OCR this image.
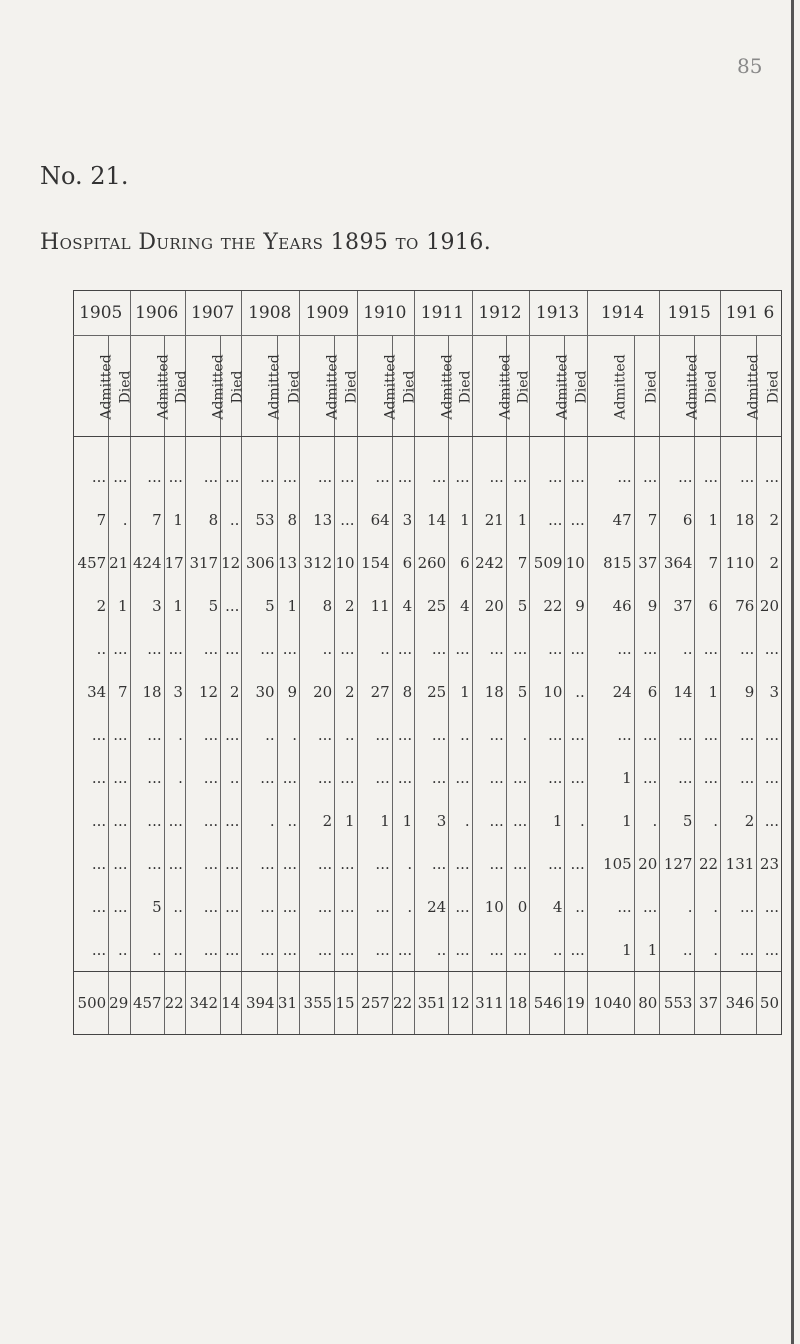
85
No. 21.
Hospital During the Years 1895 to 1916.
1905		1906		1907		1908		1909		1910		1911		1912		1913		1914		1915		191 6	
Admitted	Died	Admitted	Died	Admitted	Died	Admitted	Died	Admitted	Died	Admitted	Died	Admitted	Died	Admitted	Died	Admitted	Died	Admitted	Died	Admitted	Died	Admitted	Died

...	...	...	...	...	...	...	...	...	...	...	...	...	...	...	...	...	...	...	...	...	...	...	...
7	.	7	1	8	..	53	8	13	...	64	3	14	1	21	1	...	...	47	7	6	1	18	2
457	21	424	17	317	12	306	13	312	10	154	6	260	6	242	7	509	10	815	37	364	7	110	2
2	1	3	1	5	...	5	1	8	2	11	4	25	4	20	5	22	9	46	9	37	6	76	20
..	...	...	...	...	...	...	...	..	...	..	...	...	...	...	...	...	...	...	...	..	...	...	...
34	7	18	3	12	2	30	9	20	2	27	8	25	1	18	5	10	..	24	6	14	1	9	3
...	...	...	.	...	...	..	.	...	..	...	...	...	..	...	.	...	...	...	...	...	...	...	...
...	...	...	.	...	..	...	...	...	...	...	...	...	...	...	...	...	...	1	...	...	...	...	...
...	...	...	...	...	...	.	..	2	1	1	1	3	.	...	...	1	.	1	.	5	.	2	...
...	...	...	...	...	...	...	...	...	...	...	.	...	...	...	...	...	...	105	20	127	22	131	23
...	...	5	..	...	...	...	...	...	...	...	.	24	...	10	0	4	..	...	...	.	.	...	...
...	..	..	..	...	...	...	...	...	...	...	...	..	...	...	...	..	...	1	1	..	.	...	...
500	29	457	22	342	14	394	31	355	15	257	22	351	12	311	18	546	19	1040	80	553	37	346	50
